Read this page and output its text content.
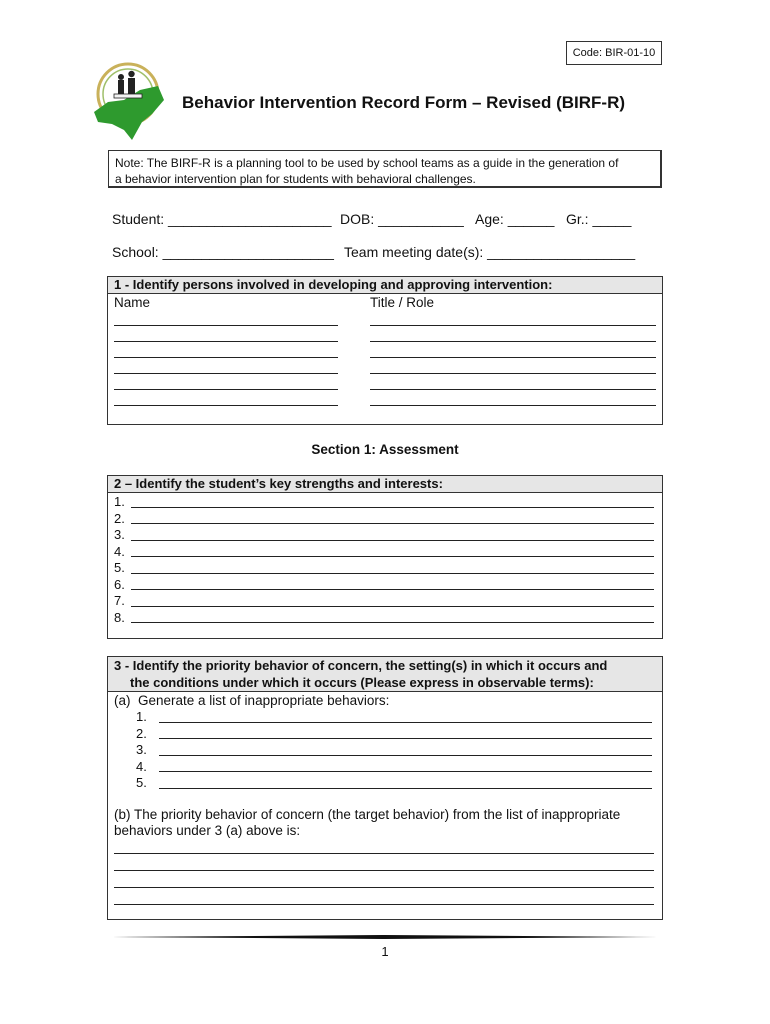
Code: BIR-01-10
Behavior Intervention Record Form – Revised (BIRF-R)
Note: The BIRF-R is a planning tool to be used by school teams as a guide in the generation of
a behavior intervention plan for students with behavioral challenges.
Student: _____________________ DOB: ___________ Age: ______ Gr.: _____
School: ______________________ Team meeting date(s): ___________________
1 - Identify persons involved in developing and approving intervention:
Name	Title / Role
Section 1: Assessment
2 – Identify the student’s key strengths and interests:
1.
2.
3.
4.
5.
6.
7.
8.
3 - Identify the priority behavior of concern, the setting(s) in which it occurs and
the conditions under which it occurs (Please express in observable terms):
(a)  Generate a list of inappropriate behaviors:
1.
2.
3.
4.
5.
(b) The priority behavior of concern (the target behavior) from the list of inappropriate
behaviors under 3 (a) above is:
1
